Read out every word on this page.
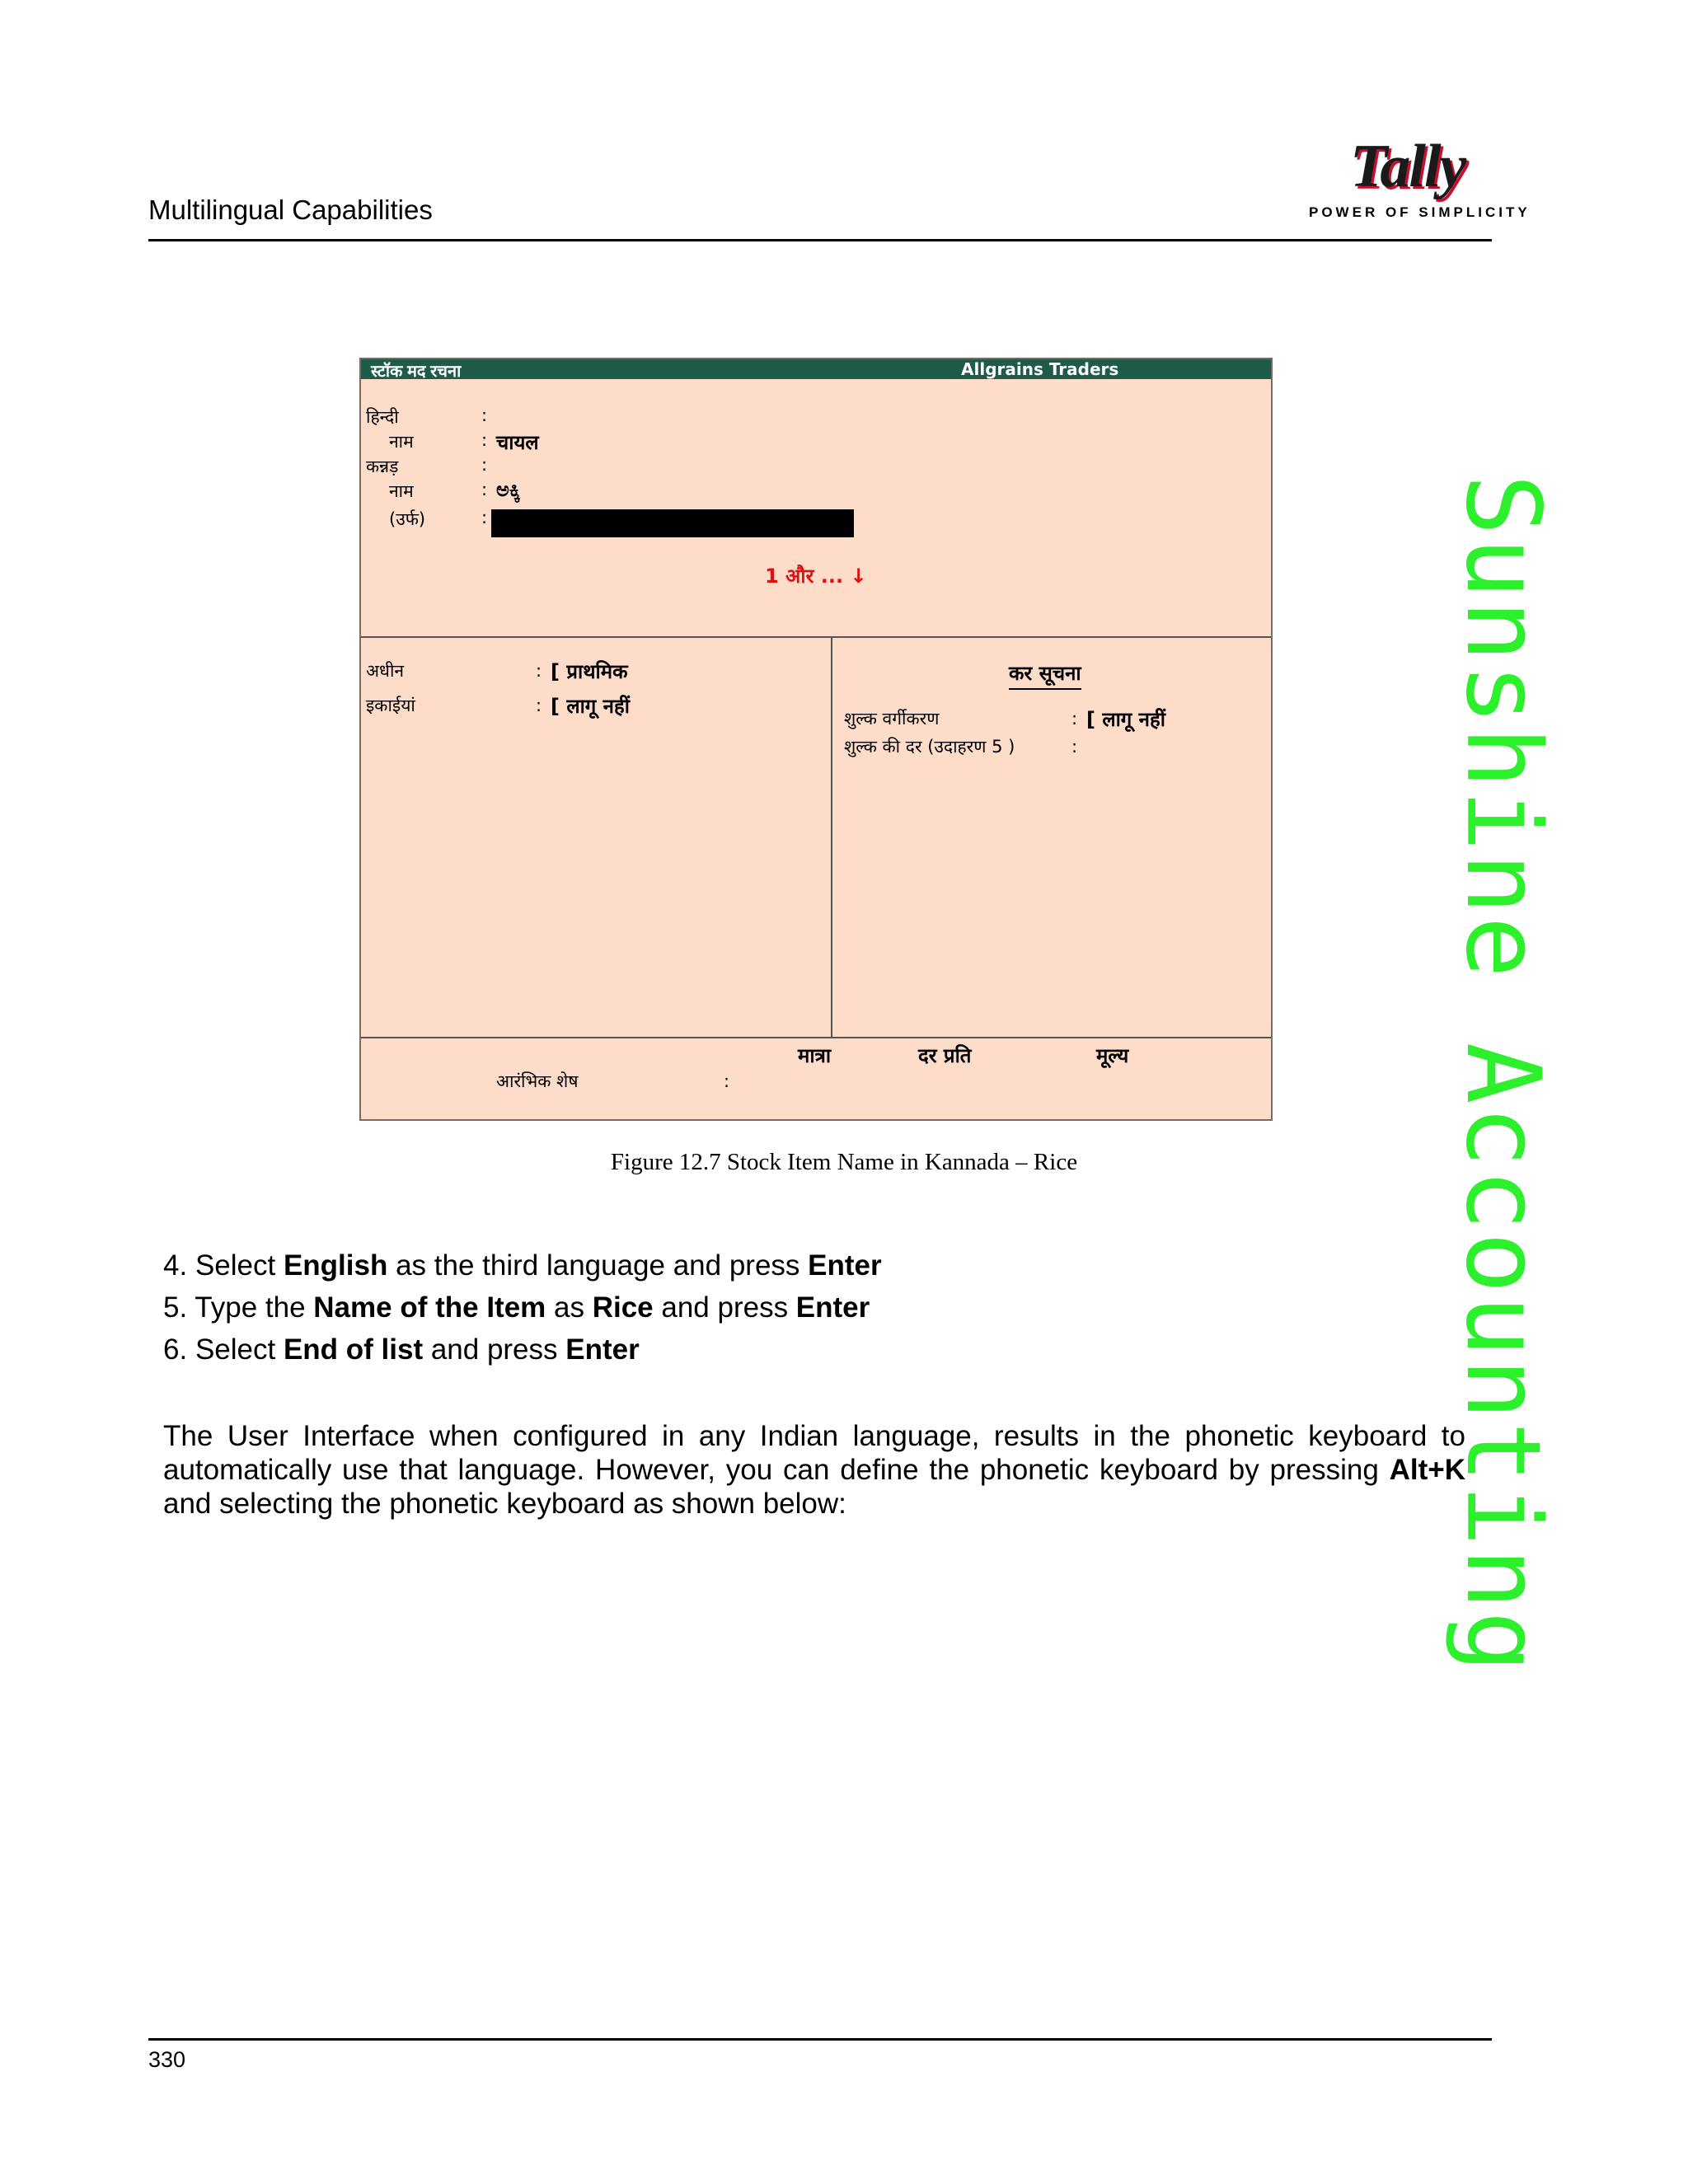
Multilingual Capabilities
Tally
POWER OF SIMPLICITY
स्टॉक मद रचना	Allgrains Traders
हिन्दी	:
नाम	: चायल
कन्नड़	:
नाम	: ಅಕ್ಕಿ
(उर्फ)	:
1 और ... ↓
अधीन	: [ प्राथमिक
इकाईयां	: [ लागू नहीं
कर सूचना
शुल्क वर्गीकरण	: [ लागू नहीं
शुल्क की दर (उदाहरण 5 )	:
मात्रा	दर प्रति	मूल्य
आरंभिक शेष	:
Figure 12.7 Stock Item Name in Kannada – Rice
4. Select English as the third language and press Enter
5. Type the Name of the Item as Rice and press Enter
6. Select End of list and press Enter
The User Interface when configured in any Indian language, results in the phonetic keyboard to automatically use that language. However, you can define the phonetic keyboard by pressing Alt+K and selecting the phonetic keyboard as shown below:	Sunshine Accounting
330
